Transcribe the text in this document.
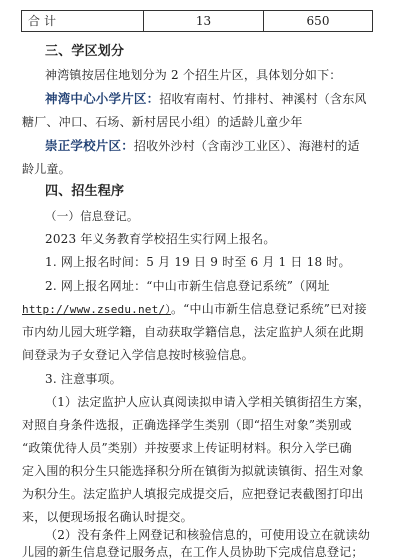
合计	13	650
三、学区划分
神湾镇按居住地划分为 2 个招生片区，具体划分如下：
神湾中心小学片区：招收宥南村、竹排村、神溪村（含东风
糖厂、冲口、石场、新村居民小组）的适龄儿童少年
崇正学校片区：招收外沙村（含南沙工业区）、海港村的适
龄儿童。
四、招生程序
（一）信息登记。
2023 年义务教育学校招生实行网上报名。
1. 网上报名时间：5 月 19 日 9 时至 6 月 1 日 18 时。
2. 网上报名网址：“中山市新生信息登记系统”（网址
http://www.zsedu.net/）。“中山市新生信息登记系统”已对接
市内幼儿园大班学籍，自动获取学籍信息，法定监护人须在此期
间登录为子女登记入学信息按时核验信息。
3. 注意事项。
（1）法定监护人应认真阅读拟申请入学相关镇街招生方案，
对照自身条件选报，正确选择学生类别（即“招生对象”类别或
“政策优待人员”类别）并按要求上传证明材料。积分入学已确
定入围的积分生只能选择积分所在镇街为拟就读镇街、招生对象
为积分生。法定监护人填报完成提交后，应把登记表截图打印出
来，以便现场报名确认时提交。
（2）没有条件上网登记和核验信息的，可使用设立在就读幼
儿园的新生信息登记服务点，在工作人员协助下完成信息登记；
